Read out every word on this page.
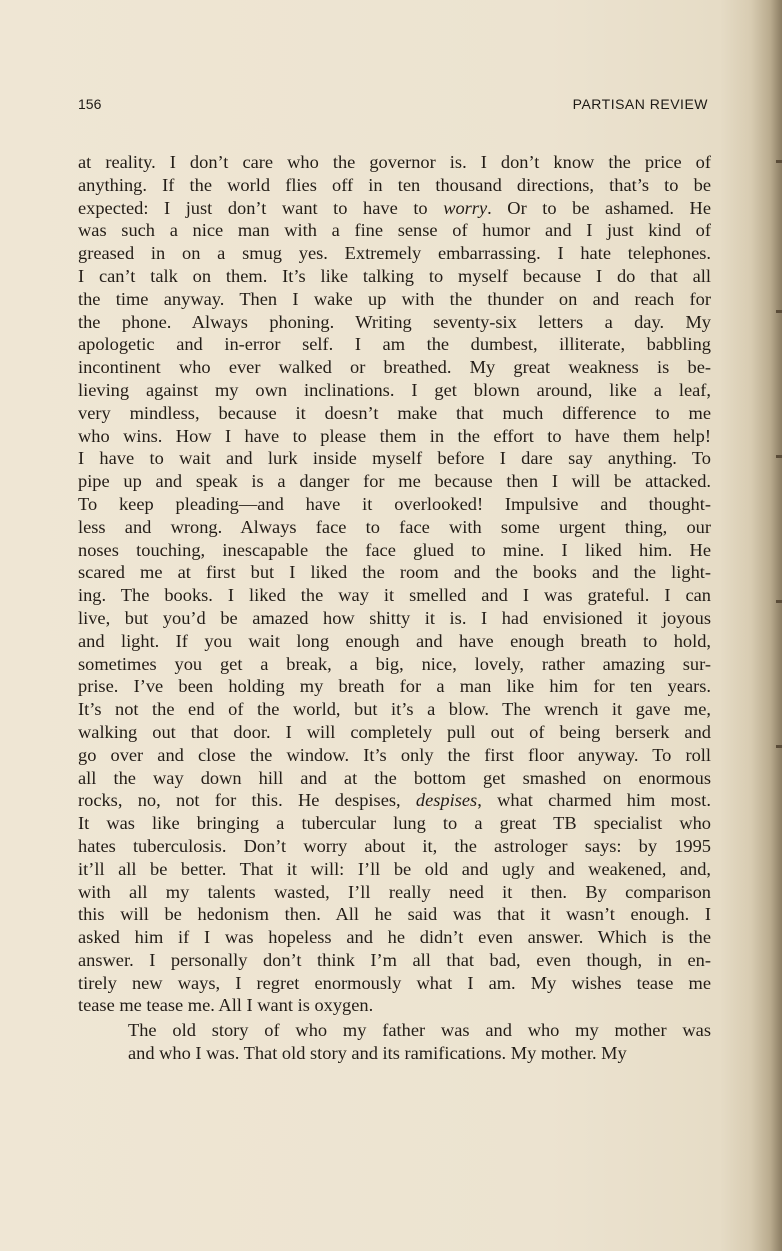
156	PARTISAN REVIEW
at reality. I don’t care who the governor is. I don’t know the price of
anything. If the world flies off in ten thousand directions, that’s to be
expected: I just don’t want to have to worry. Or to be ashamed. He
was such a nice man with a fine sense of humor and I just kind of
greased in on a smug yes. Extremely embarrassing. I hate telephones.
I can’t talk on them. It’s like talking to myself because I do that all
the time anyway. Then I wake up with the thunder on and reach for
the phone. Always phoning. Writing seventy-six letters a day. My
apologetic and in-error self. I am the dumbest, illiterate, babbling
incontinent who ever walked or breathed. My great weakness is be-
lieving against my own inclinations. I get blown around, like a leaf,
very mindless, because it doesn’t make that much difference to me
who wins. How I have to please them in the effort to have them help!
I have to wait and lurk inside myself before I dare say anything. To
pipe up and speak is a danger for me because then I will be attacked.
To keep pleading—and have it overlooked! Impulsive and thought-
less and wrong. Always face to face with some urgent thing, our
noses touching, inescapable the face glued to mine. I liked him. He
scared me at first but I liked the room and the books and the light-
ing. The books. I liked the way it smelled and I was grateful. I can
live, but you’d be amazed how shitty it is. I had envisioned it joyous
and light. If you wait long enough and have enough breath to hold,
sometimes you get a break, a big, nice, lovely, rather amazing sur-
prise. I’ve been holding my breath for a man like him for ten years.
It’s not the end of the world, but it’s a blow. The wrench it gave me,
walking out that door. I will completely pull out of being berserk and
go over and close the window. It’s only the first floor anyway. To roll
all the way down hill and at the bottom get smashed on enormous
rocks, no, not for this. He despises, despises, what charmed him most.
It was like bringing a tubercular lung to a great TB specialist who
hates tuberculosis. Don’t worry about it, the astrologer says: by 1995
it’ll all be better. That it will: I’ll be old and ugly and weakened, and,
with all my talents wasted, I’ll really need it then. By comparison
this will be hedonism then. All he said was that it wasn’t enough. I
asked him if I was hopeless and he didn’t even answer. Which is the
answer. I personally don’t think I’m all that bad, even though, in en-
tirely new ways, I regret enormously what I am. My wishes tease me
tease me tease me. All I want is oxygen.
The old story of who my father was and who my mother was
and who I was. That old story and its ramifications. My mother. My
